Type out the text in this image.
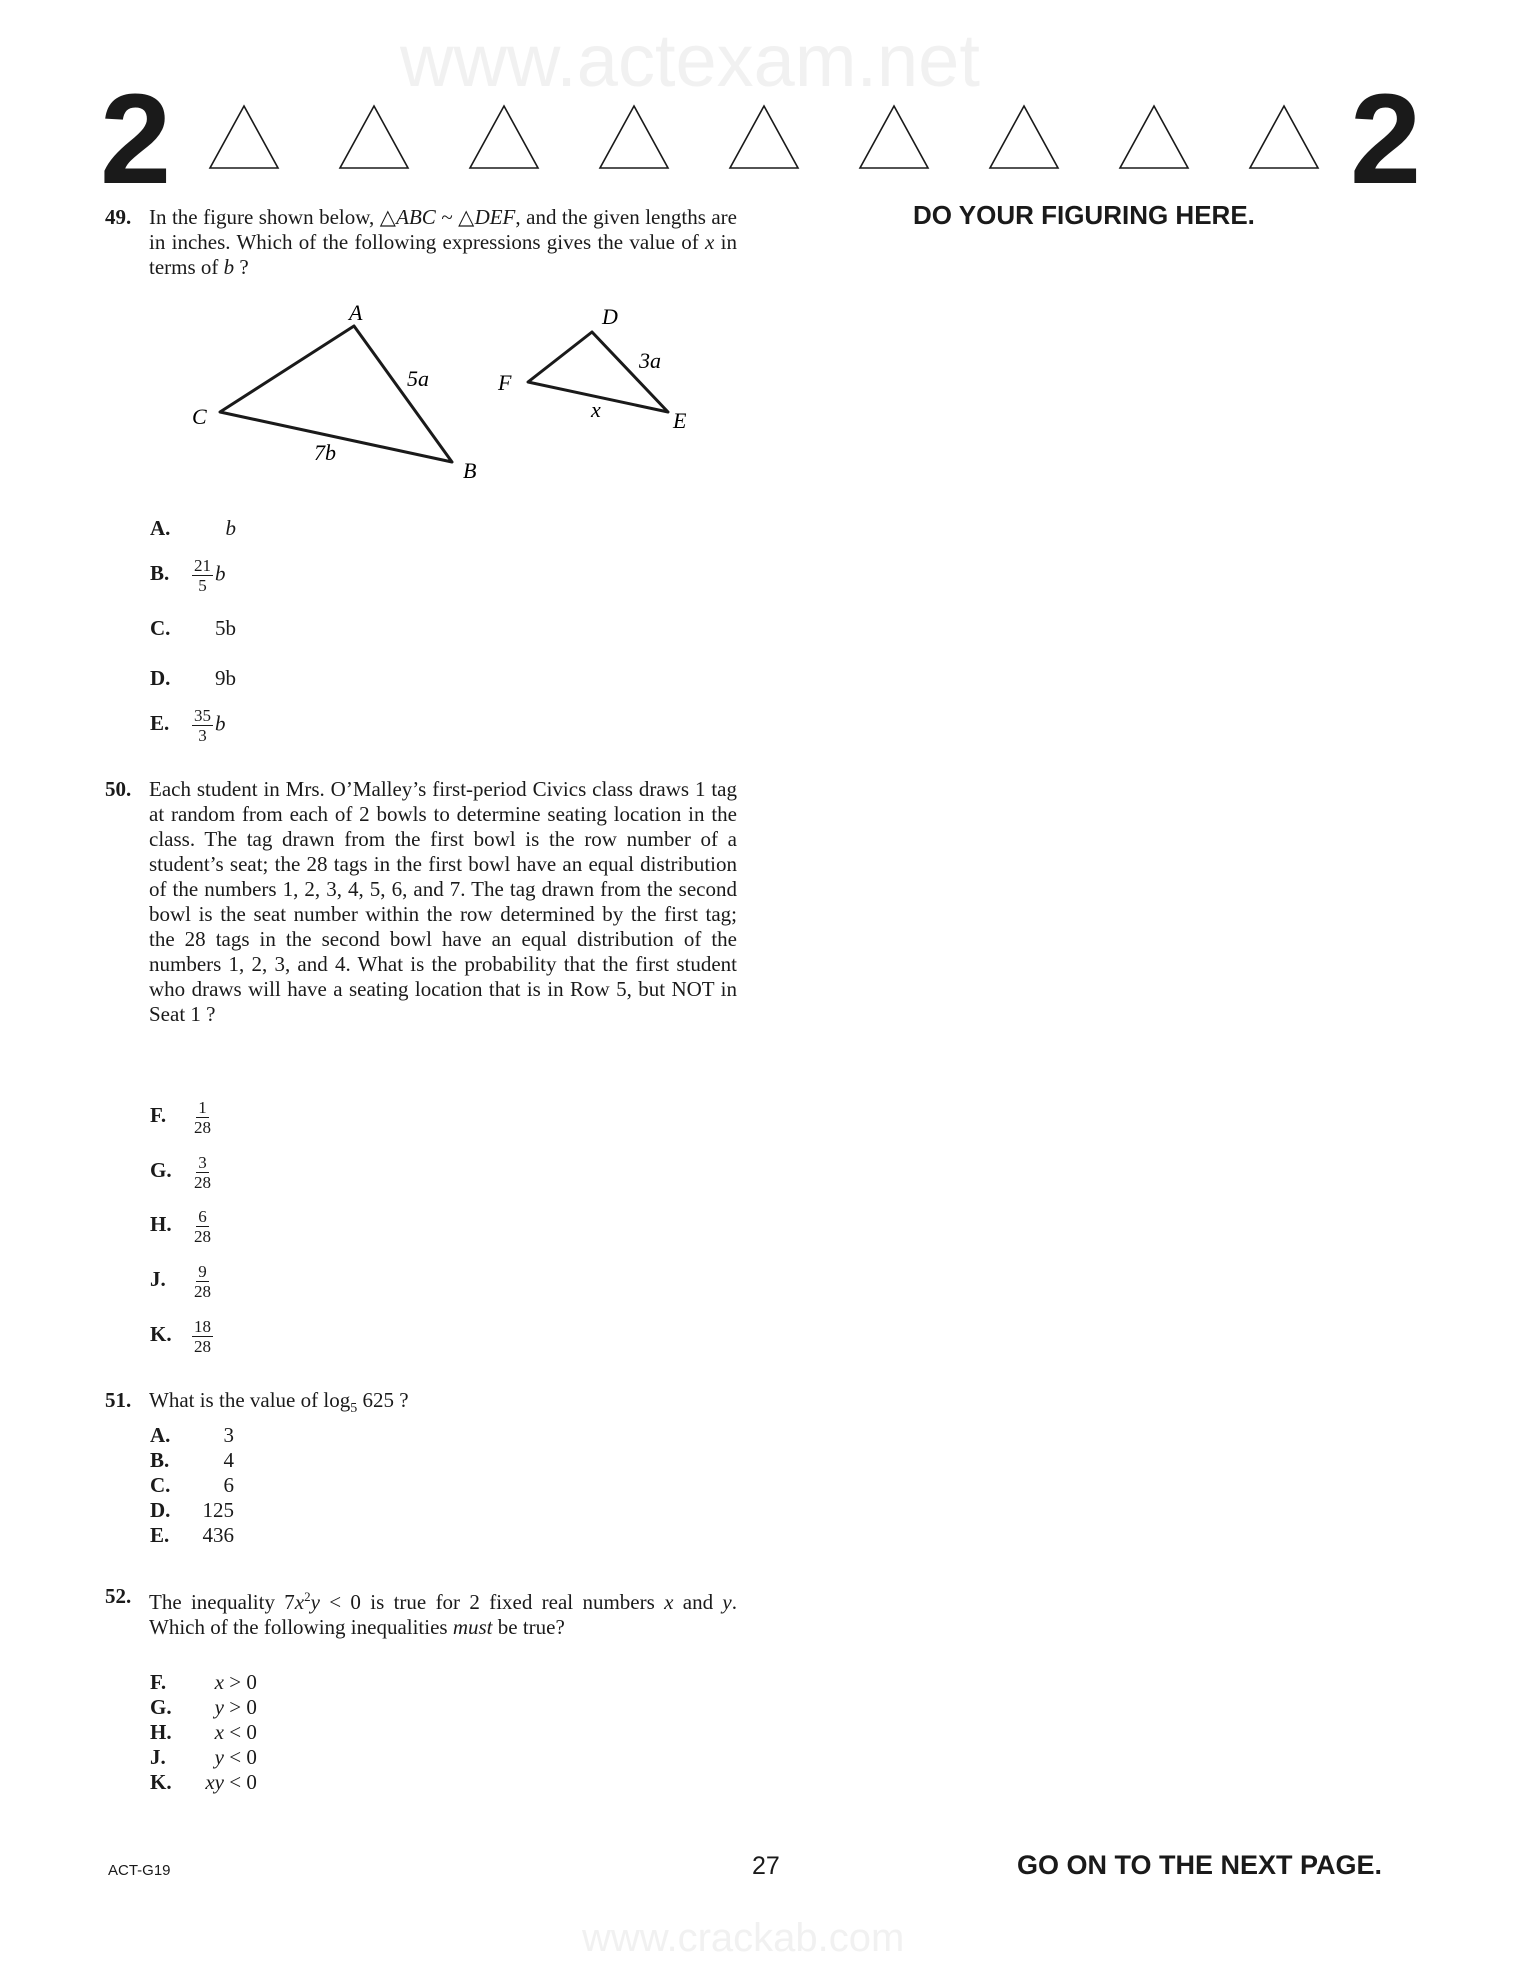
www.actexam.net
www.crackab.com
2	2
DO YOUR FIGURING HERE.
49. In the figure shown below, △ABC ~ △DEF, and the given lengths are in inches. Which of the following expressions gives the value of x in terms of b ?
A
B
C
5a
7b
D
E
F
3a
x
A.	b
B. $\frac{21}{5}$ b
C. 5b
D. 9b
E. $\frac{35}{3}$ b
50. Each student in Mrs. O’Malley’s first-period Civics class draws 1 tag at random from each of 2 bowls to determine seating location in the class. The tag drawn from the first bowl is the row number of a student’s seat; the 28 tags in the first bowl have an equal distribution of the numbers 1, 2, 3, 4, 5, 6, and 7. The tag drawn from the second bowl is the seat number within the row determined by the first tag; the 28 tags in the second bowl have an equal distribution of the numbers 1, 2, 3, and 4. What is the probability that the first student who draws will have a seating location that is in Row 5, but NOT in Seat 1 ?
F. $\frac{1}{28}$
G. $\frac{3}{28}$
H. $\frac{6}{28}$
J. $\frac{9}{28}$
K. $\frac{18}{28}$
51. What is the value of $\log_5 625$ ?
A.	3
B.	4
C.	6
D. 125
E. 436
52. The inequality $7x^2y < 0$ is true for 2 fixed real numbers x and y. Which of the following inequalities must be true?
F. x > 0
G. y > 0
H. x < 0
J. y < 0
K. xy < 0
ACT-G19	27	GO ON TO THE NEXT PAGE.
